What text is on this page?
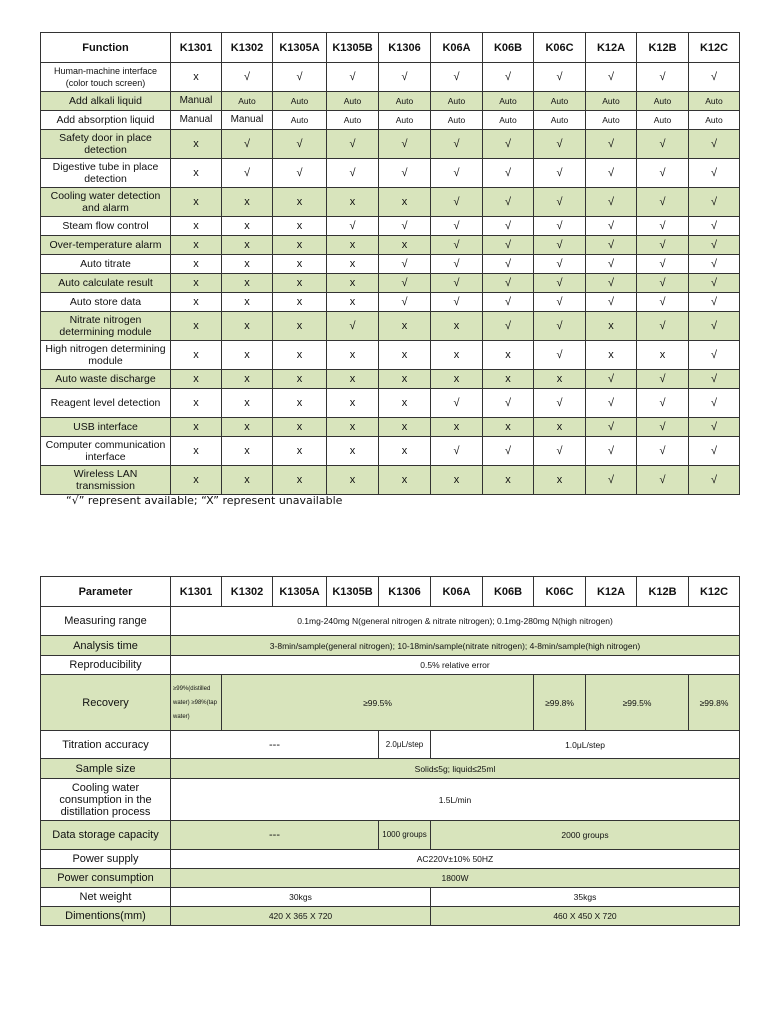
Function	K1301	K1302	K1305A	K1305B	K1306	K06A	K06B	K06C	K12A	K12B	K12C
Human-machine interface
(color touch screen)	x	√	√	√	√	√	√	√	√	√	√
Add alkali liquid	Manual	Auto	Auto	Auto	Auto	Auto	Auto	Auto	Auto	Auto	Auto
Add absorption liquid	Manual	Manual	Auto	Auto	Auto	Auto	Auto	Auto	Auto	Auto	Auto
Safety door in place detection	x	√	√	√	√	√	√	√	√	√	√
Digestive tube in place detection	x	√	√	√	√	√	√	√	√	√	√
Cooling water detection and alarm	x	x	x	x	x	√	√	√	√	√	√
Steam flow control	x	x	x	√	√	√	√	√	√	√	√
Over-temperature alarm	x	x	x	x	x	√	√	√	√	√	√
Auto titrate	x	x	x	x	√	√	√	√	√	√	√
Auto calculate result	x	x	x	x	√	√	√	√	√	√	√
Auto store data	x	x	x	x	√	√	√	√	√	√	√
Nitrate nitrogen determining module	x	x	x	√	x	x	√	√	x	√	√
High nitrogen determining module	x	x	x	x	x	x	x	√	x	x	√
Auto waste discharge	x	x	x	x	x	x	x	x	√	√	√
Reagent level detection	x	x	x	x	x	√	√	√	√	√	√
USB interface	x	x	x	x	x	x	x	x	√	√	√
Computer communication interface	x	x	x	x	x	√	√	√	√	√	√
Wireless LAN transmission	x	x	x	x	x	x	x	x	√	√	√
“√” represent available; “X” represent unavailable
Parameter	K1301	K1302	K1305A	K1305B	K1306	K06A	K06B	K06C	K12A	K12B	K12C
Measuring range	0.1mg-240mg N(general nitrogen & nitrate nitrogen); 0.1mg-280mg N(high nitrogen)										
Analysis time	3-8min/sample(general nitrogen); 10-18min/sample(nitrate nitrogen); 4-8min/sample(high nitrogen)										
Reproducibility	0.5% relative error										
Recovery	≥99%(distilled water) ≥98%(tap water)	≥99.5%						≥99.8%	≥99.5%		≥99.8%
Titration accuracy	---				2.0μL/step	1.0μL/step					
Sample size	Solid≤5g; liquid≤25ml										
Cooling water consumption in the distillation process	1.5L/min										
Data storage capacity	---				1000 groups	2000 groups					
Power supply	AC220V±10% 50HZ										
Power consumption	1800W										
Net weight	30kgs					35kgs					
Dimentions(mm)	420 X 365 X 720					460 X 450 X 720					
